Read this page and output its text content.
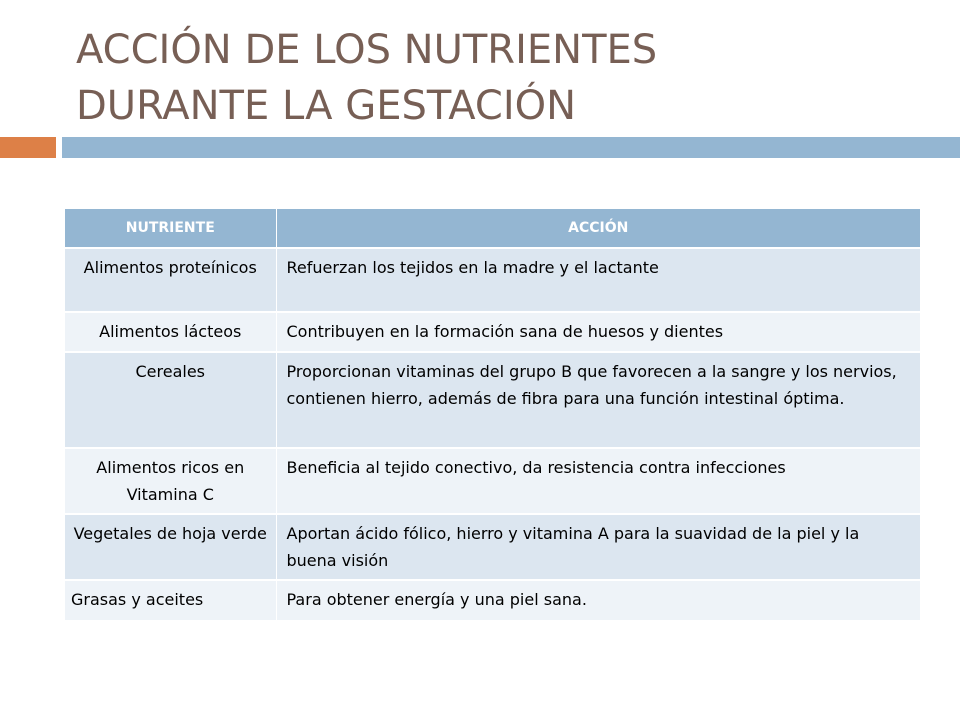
ACCIÓN DE LOS NUTRIENTES
DURANTE LA GESTACIÓN
NUTRIENTE	ACCIÓN
Alimentos proteínicos	Refuerzan los tejidos en la madre y el lactante
Alimentos lácteos	Contribuyen en la formación sana de huesos y dientes
Cereales	Proporcionan vitaminas del grupo B que favorecen a la sangre y los nervios, contienen hierro, además de fibra para una función intestinal óptima.
Alimentos ricos en Vitamina C	Beneficia al tejido conectivo, da resistencia contra infecciones
Vegetales de hoja verde	Aportan ácido fólico, hierro y vitamina A para la suavidad de la piel y la buena visión
Grasas y aceites	Para obtener energía y una piel sana.
